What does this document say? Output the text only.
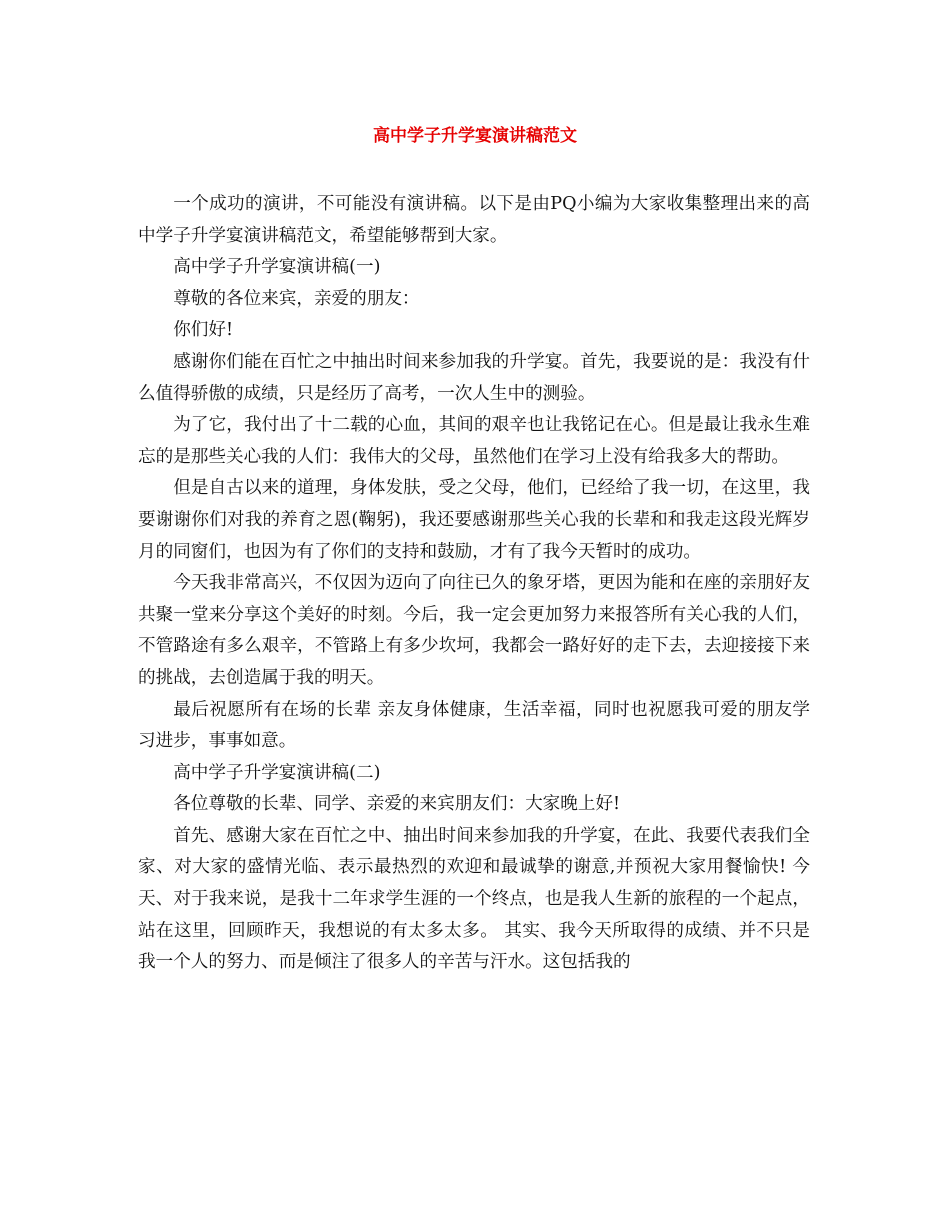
高中学子升学宴演讲稿范文

一个成功的演讲，不可能没有演讲稿。以下是由PQ小编为大家收集整理出来的高中学子升学宴演讲稿范文，希望能够帮到大家。

高中学子升学宴演讲稿(一)

尊敬的各位来宾，亲爱的朋友：

你们好!

感谢你们能在百忙之中抽出时间来参加我的升学宴。首先，我要说的是：我没有什么值得骄傲的成绩，只是经历了高考，一次人生中的测验。

为了它，我付出了十二载的心血，其间的艰辛也让我铭记在心。但是最让我永生难忘的是那些关心我的人们：我伟大的父母，虽然他们在学习上没有给我多大的帮助。

但是自古以来的道理，身体发肤，受之父母，他们，已经给了我一切，在这里，我要谢谢你们对我的养育之恩(鞠躬)，我还要感谢那些关心我的长辈和和我走这段光辉岁月的同窗们，也因为有了你们的支持和鼓励，才有了我今天暂时的成功。

今天我非常高兴，不仅因为迈向了向往已久的象牙塔，更因为能和在座的亲朋好友共聚一堂来分享这个美好的时刻。今后，我一定会更加努力来报答所有关心我的人们，不管路途有多么艰辛，不管路上有多少坎坷，我都会一路好好的走下去，去迎接接下来的挑战，去创造属于我的明天。

最后祝愿所有在场的长辈 亲友身体健康，生活幸福，同时也祝愿我可爱的朋友学习进步，事事如意。

高中学子升学宴演讲稿(二)

各位尊敬的长辈、同学、亲爱的来宾朋友们：大家晚上好!

首先、感谢大家在百忙之中、抽出时间来参加我的升学宴，在此、我要代表我们全家、对大家的盛情光临、表示最热烈的欢迎和最诚挚的谢意,并预祝大家用餐愉快! 今天、对于我来说，是我十二年求学生涯的一个终点，也是我人生新的旅程的一个起点，站在这里，回顾昨天，我想说的有太多太多。 其实、我今天所取得的成绩、并不只是我一个人的努力、而是倾注了很多人的辛苦与汗水。这包括我的
